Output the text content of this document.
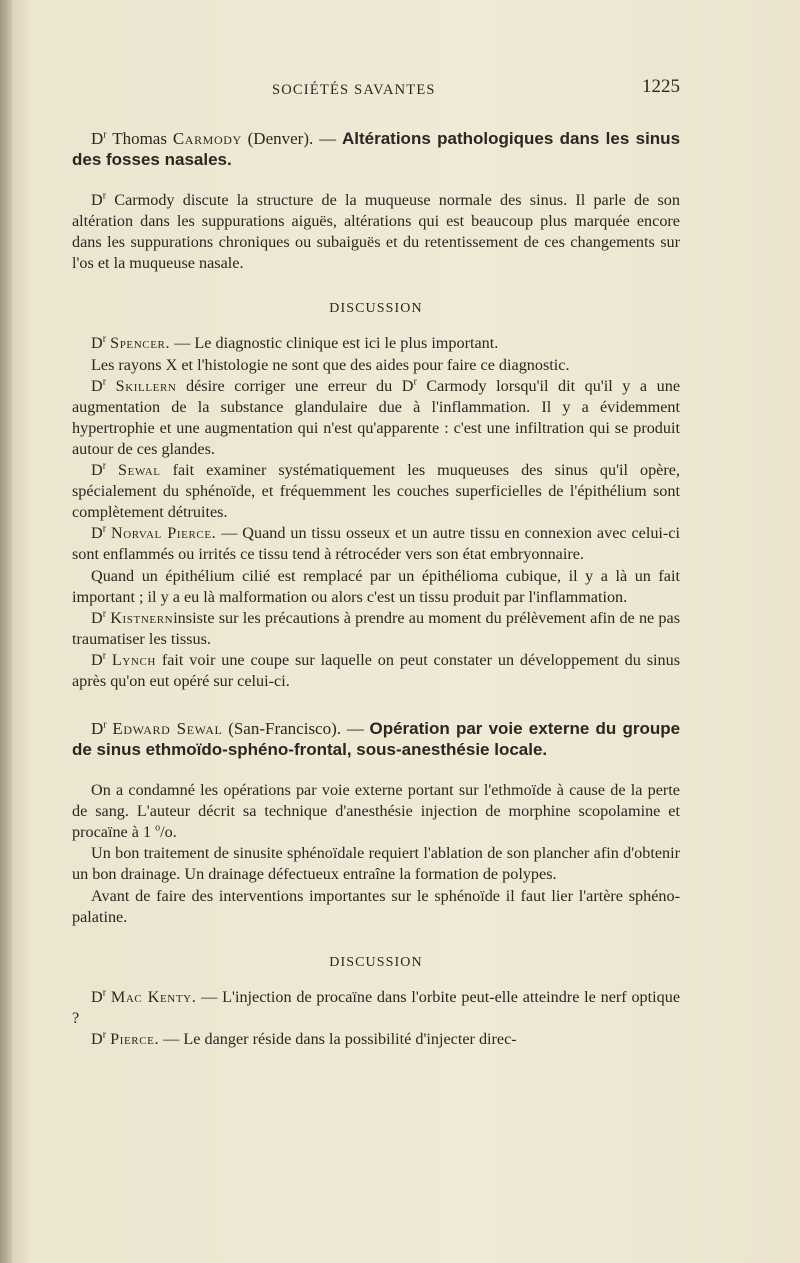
SOCIÉTÉS SAVANTES	1225

$D^r$ Thomas Carmody (Denver). — Altérations pathologiques dans les sinus des fosses nasales.

$D^r$ Carmody discute la structure de la muqueuse normale des sinus. Il parle de son altération dans les suppurations aiguës, altérations qui est beaucoup plus marquée encore dans les suppurations chroniques ou subaiguës et du retentissement de ces changements sur l'os et la muqueuse nasale.

DISCUSSION

$D^r$ Spencer. — Le diagnostic clinique est ici le plus important.

Les rayons X et l'histologie ne sont que des aides pour faire ce diagnostic.

$D^r$ Skillern désire corriger une erreur du $D^r$ Carmody lorsqu'il dit qu'il y a une augmentation de la substance glandulaire due à l'inflammation. Il y a évidemment hypertrophie et une augmentation qui n'est qu'apparente : c'est une infiltration qui se produit autour de ces glandes.

$D^r$ Sewal fait examiner systématiquement les muqueuses des sinus qu'il opère, spécialement du sphénoïde, et fréquemment les couches superficielles de l'épithélium sont complètement détruites.

$D^r$ Norval Pierce. — Quand un tissu osseux et un autre tissu en connexion avec celui-ci sont enflammés ou irrités ce tissu tend à rétrocéder vers son état embryonnaire.

Quand un épithélium cilié est remplacé par un épithélioma cubique, il y a là un fait important ; il y a eu là malformation ou alors c'est un tissu produit par l'inflammation.

$D^r$ Kistnerninsiste sur les précautions à prendre au moment du prélèvement afin de ne pas traumatiser les tissus.

$D^r$ Lynch fait voir une coupe sur laquelle on peut constater un développement du sinus après qu'on eut opéré sur celui-ci.

$D^r$ Edward Sewal (San-Francisco). — Opération par voie externe du groupe de sinus ethmoïdo-sphéno-frontal, sous-anesthésie locale.

On a condamné les opérations par voie externe portant sur l'ethmoïde à cause de la perte de sang. L'auteur décrit sa technique d'anesthésie injection de morphine scopolamine et procaïne à 1 $^o$/o.

Un bon traitement de sinusite sphénoïdale requiert l'ablation de son plancher afin d'obtenir un bon drainage. Un drainage défectueux entraîne la formation de polypes.

Avant de faire des interventions importantes sur le sphénoïde il faut lier l'artère sphéno-palatine.

DISCUSSION

$D^r$ Mac Kenty. — L'injection de procaïne dans l'orbite peut-elle atteindre le nerf optique ?

$D^r$ Pierce. — Le danger réside dans la possibilité d'injecter direc-
